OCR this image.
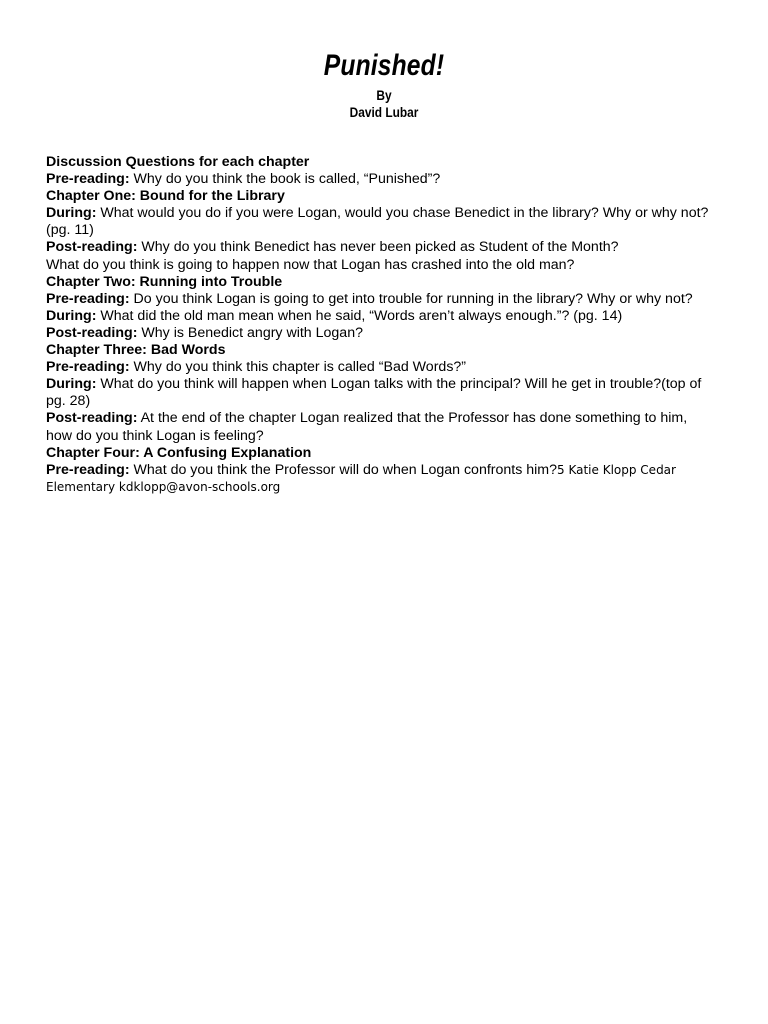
Punished!
By
David Lubar

Discussion Questions for each chapter

Pre-reading: Why do you think the book is called, “Punished”?

Chapter One: Bound for the Library

During: What would you do if you were Logan, would you chase Benedict in the library? Why or why not?

(pg. 11)

Post-reading: Why do you think Benedict has never been picked as Student of the Month?

What do you think is going to happen now that Logan has crashed into the old man?

Chapter Two: Running into Trouble

Pre-reading: Do you think Logan is going to get into trouble for running in the library? Why or why not?

During: What did the old man mean when he said, “Words aren’t always enough.”? (pg. 14)

Post-reading: Why is Benedict angry with Logan?

Chapter Three: Bad Words

Pre-reading: Why do you think this chapter is called “Bad Words?”

During: What do you think will happen when Logan talks with the principal? Will he get in trouble?(top of

pg. 28)

Post-reading: At the end of the chapter Logan realized that the Professor has done something to him,

how do you think Logan is feeling?

Chapter Four: A Confusing Explanation

Pre-reading: What do you think the Professor will do when Logan confronts him?5 Katie Klopp Cedar

Elementary kdklopp@avon-schools.org
